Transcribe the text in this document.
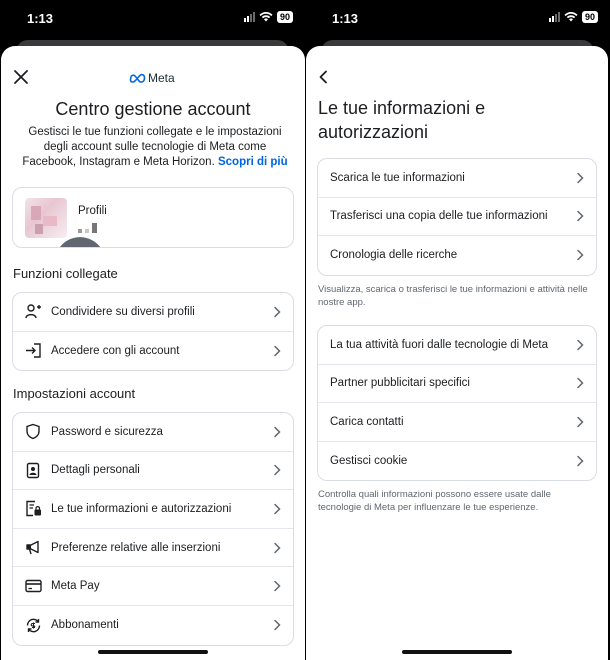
1:13	90
Meta
Centro gestione account
Gestisci le tue funzioni collegate e le impostazioni degli account sulle tecnologie di Meta come Facebook, Instagram e Meta Horizon. Scopri di più
Profili
Funzioni collegate
Condividere su diversi profili
Accedere con gli account
Impostazioni account
Password e sicurezza
Dettagli personali
Le tue informazioni e autorizzazioni
Preferenze relative alle inserzioni
Meta Pay
Abbonamenti
1:13	90
Le tue informazioni e autorizzazioni
Scarica le tue informazioni
Trasferisci una copia delle tue informazioni
Cronologia delle ricerche
Visualizza, scarica o trasferisci le tue informazioni e attività nelle nostre app.
La tua attività fuori dalle tecnologie di Meta
Partner pubblicitari specifici
Carica contatti
Gestisci cookie
Controlla quali informazioni possono essere usate dalle tecnologie di Meta per influenzare le tue esperienze.
